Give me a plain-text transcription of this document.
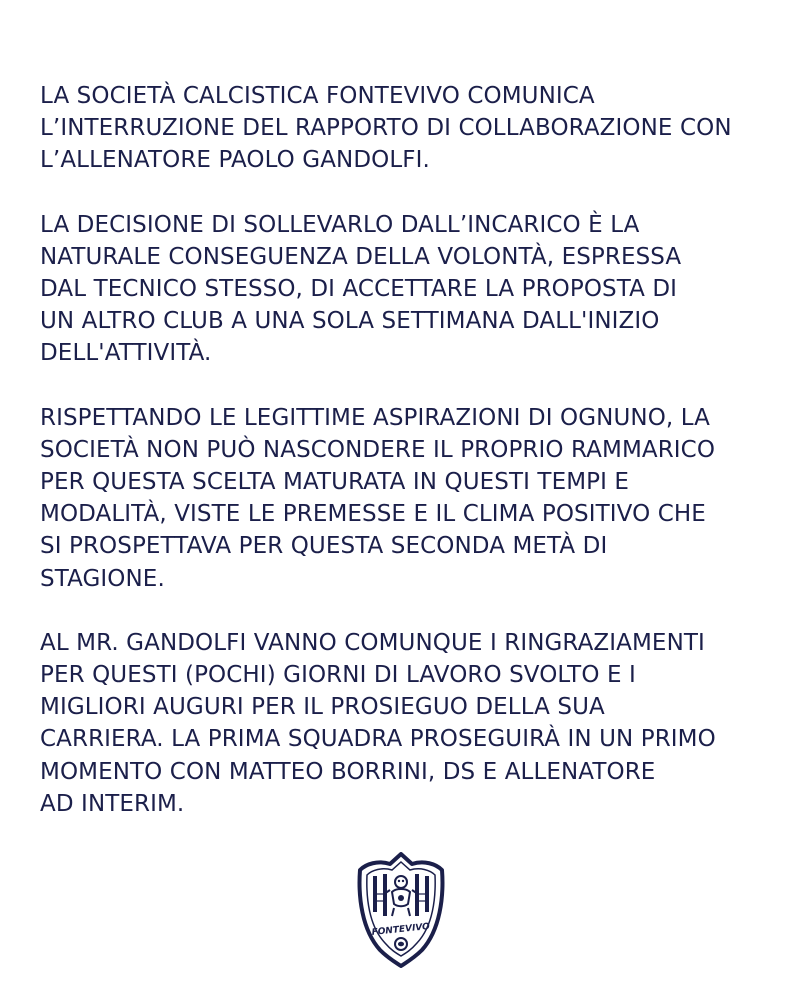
LA SOCIETÀ CALCISTICA FONTEVIVO COMUNICA
L’INTERRUZIONE DEL RAPPORTO DI COLLABORAZIONE CON
L’ALLENATORE PAOLO GANDOLFI.

LA DECISIONE DI SOLLEVARLO DALL’INCARICO È LA
NATURALE CONSEGUENZA DELLA VOLONTÀ, ESPRESSA
DAL TECNICO STESSO, DI ACCETTARE LA PROPOSTA DI
UN ALTRO CLUB A UNA SOLA SETTIMANA DALL'INIZIO
DELL'ATTIVITÀ.

RISPETTANDO LE LEGITTIME ASPIRAZIONI DI OGNUNO, LA
SOCIETÀ NON PUÒ NASCONDERE IL PROPRIO RAMMARICO
PER QUESTA SCELTA MATURATA IN QUESTI TEMPI E
MODALITÀ, VISTE LE PREMESSE E IL CLIMA POSITIVO CHE
SI PROSPETTAVA PER QUESTA SECONDA METÀ DI
STAGIONE.

AL MR. GANDOLFI VANNO COMUNQUE I RINGRAZIAMENTI
PER QUESTI (POCHI) GIORNI DI LAVORO SVOLTO E I
MIGLIORI AUGURI PER IL PROSIEGUO DELLA SUA
CARRIERA. LA PRIMA SQUADRA PROSEGUIRÀ IN UN PRIMO
MOMENTO CON MATTEO BORRINI, DS E ALLENATORE
AD INTERIM.

FONTEVIVO
